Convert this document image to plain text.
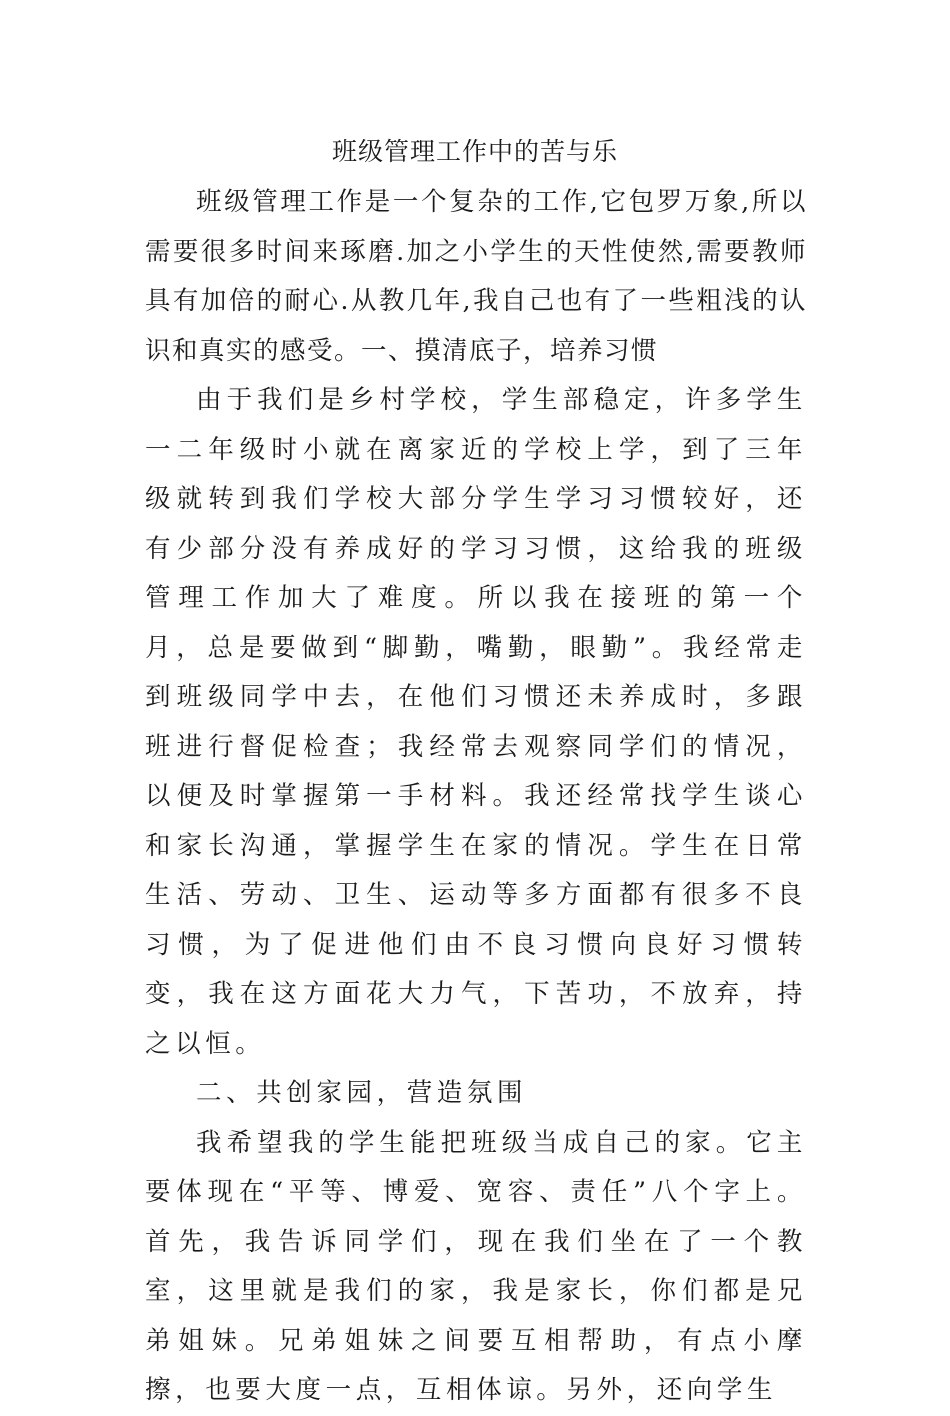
班级管理工作中的苦与乐

班级管理工作是一个复杂的工作,它包罗万象,所以需要很多时间来琢磨.加之小学生的天性使然,需要教师具有加倍的耐心.从教几年,我自己也有了一些粗浅的认识和真实的感受。一、摸清底子，培养习惯

由于我们是乡村学校，学生部稳定，许多学生一二年级时小就在离家近的学校上学，到了三年级就转到我们学校大部分学生学习习惯较好，还有少部分没有养成好的学习习惯，这给我的班级管理工作加大了难度。所以我在接班的第一个月，总是要做到“脚勤，嘴勤，眼勤”。我经常走到班级同学中去，在他们习惯还未养成时，多跟班进行督促检查；我经常去观察同学们的情况，以便及时掌握第一手材料。我还经常找学生谈心和家长沟通，掌握学生在家的情况。学生在日常生活、劳动、卫生、运动等多方面都有很多不良习惯，为了促进他们由不良习惯向良好习惯转变，我在这方面花大力气，下苦功，不放弃，持之以恒。

二、共创家园，营造氛围

我希望我的学生能把班级当成自己的家。它主要体现在“平等、博爱、宽容、责任”八个字上。首先，我告诉同学们，现在我们坐在了一个教室，这里就是我们的家，我是家长，你们都是兄弟姐妹。兄弟姐妹之间要互相帮助，有点小摩擦，也要大度一点，互相体谅。另外，还向学生
